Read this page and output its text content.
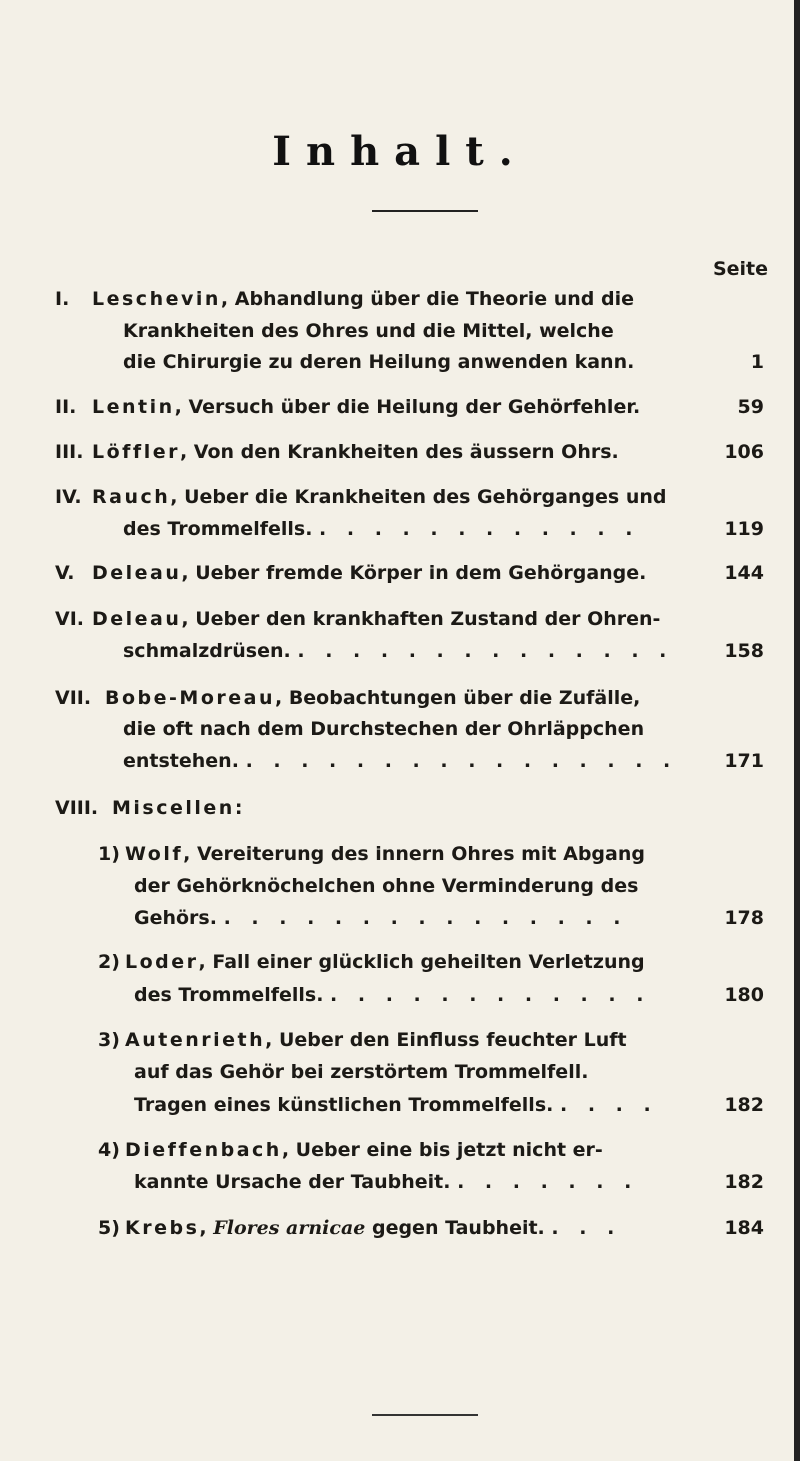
Inhalt.
Seite
I. Leschevin, Abhandlung über die Theorie und die
Krankheiten des Ohres und die Mittel, welche
die Chirurgie zu deren Heilung anwenden kann.	1
II. Lentin, Versuch über die Heilung der Gehörfehler.	59
III. Löffler, Von den Krankheiten des äussern Ohrs.	106
IV. Rauch, Ueber die Krankheiten des Gehörganges und
des Trommelfells. . . . . . . . . . . . .	119
V. Deleau, Ueber fremde Körper in dem Gehörgange.	144
VI. Deleau, Ueber den krankhaften Zustand der Ohren-
schmalzdrüsen. . . . . . . . . . . . . . .	158
VII. Bobe-Moreau, Beobachtungen über die Zufälle,
die oft nach dem Durchstechen der Ohrläppchen
entstehen. . . . . . . . . . . . . . . . . 171
VIII. Miscellen:
1) Wolf, Vereiterung des innern Ohres mit Abgang
der Gehörknöchelchen ohne Verminderung des
Gehörs. . . . . . . . . . . . . . . .	178
2) Loder, Fall einer glücklich geheilten Verletzung
des Trommelfells. . . . . . . . . . . . .	180
3) Autenrieth, Ueber den Einfluss feuchter Luft
auf das Gehör bei zerstörtem Trommelfell.
Tragen eines künstlichen Trommelfells. . . . .	182
4) Dieffenbach, Ueber eine bis jetzt nicht er-
kannte Ursache der Taubheit. . . . . . . .	182
5) Krebs, Flores arnicae gegen Taubheit. . . .	184
